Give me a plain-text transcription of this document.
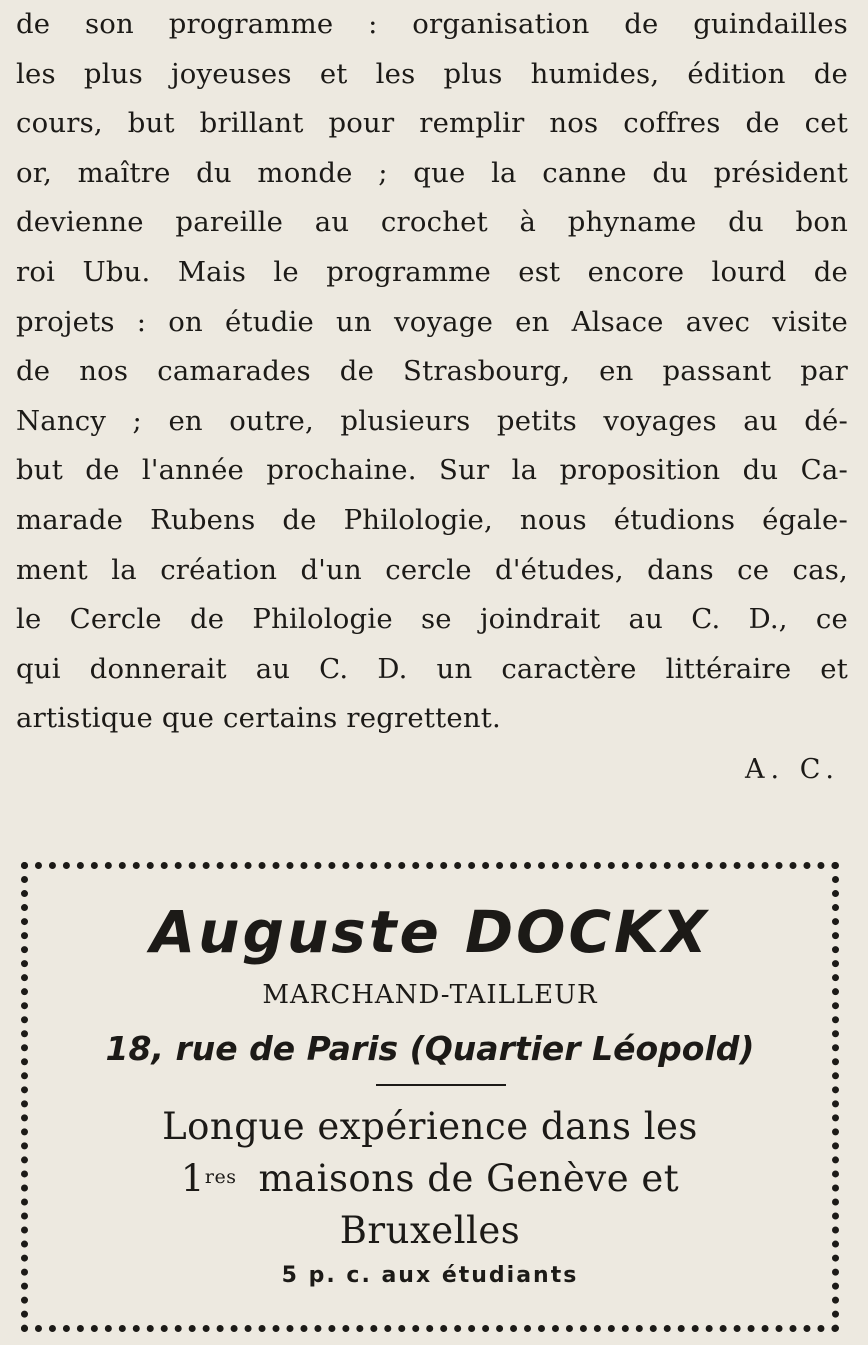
de son programme : organisation de guindailles
les plus joyeuses et les plus humides, édition de
cours, but brillant pour remplir nos coffres de cet
or, maître du monde ; que la canne du président
devienne pareille au crochet à phyname du bon
roi Ubu. Mais le programme est encore lourd de
projets : on étudie un voyage en Alsace avec visite
de nos camarades de Strasbourg, en passant par
Nancy ; en outre, plusieurs petits voyages au dé-
but de l'année prochaine. Sur la proposition du Ca-
marade Rubens de Philologie, nous étudions égale-
ment la création d'un cercle d'études, dans ce cas,
le Cercle de Philologie se joindrait au C. D., ce
qui donnerait au C. D. un caractère littéraire et
artistique que certains regrettent.
A. C.
Auguste DOCKX
MARCHAND-TAILLEUR
18, rue de Paris (Quartier Léopold)
Longue expérience dans les
1res maisons de Genève et
Bruxelles
5 p. c. aux étudiants
